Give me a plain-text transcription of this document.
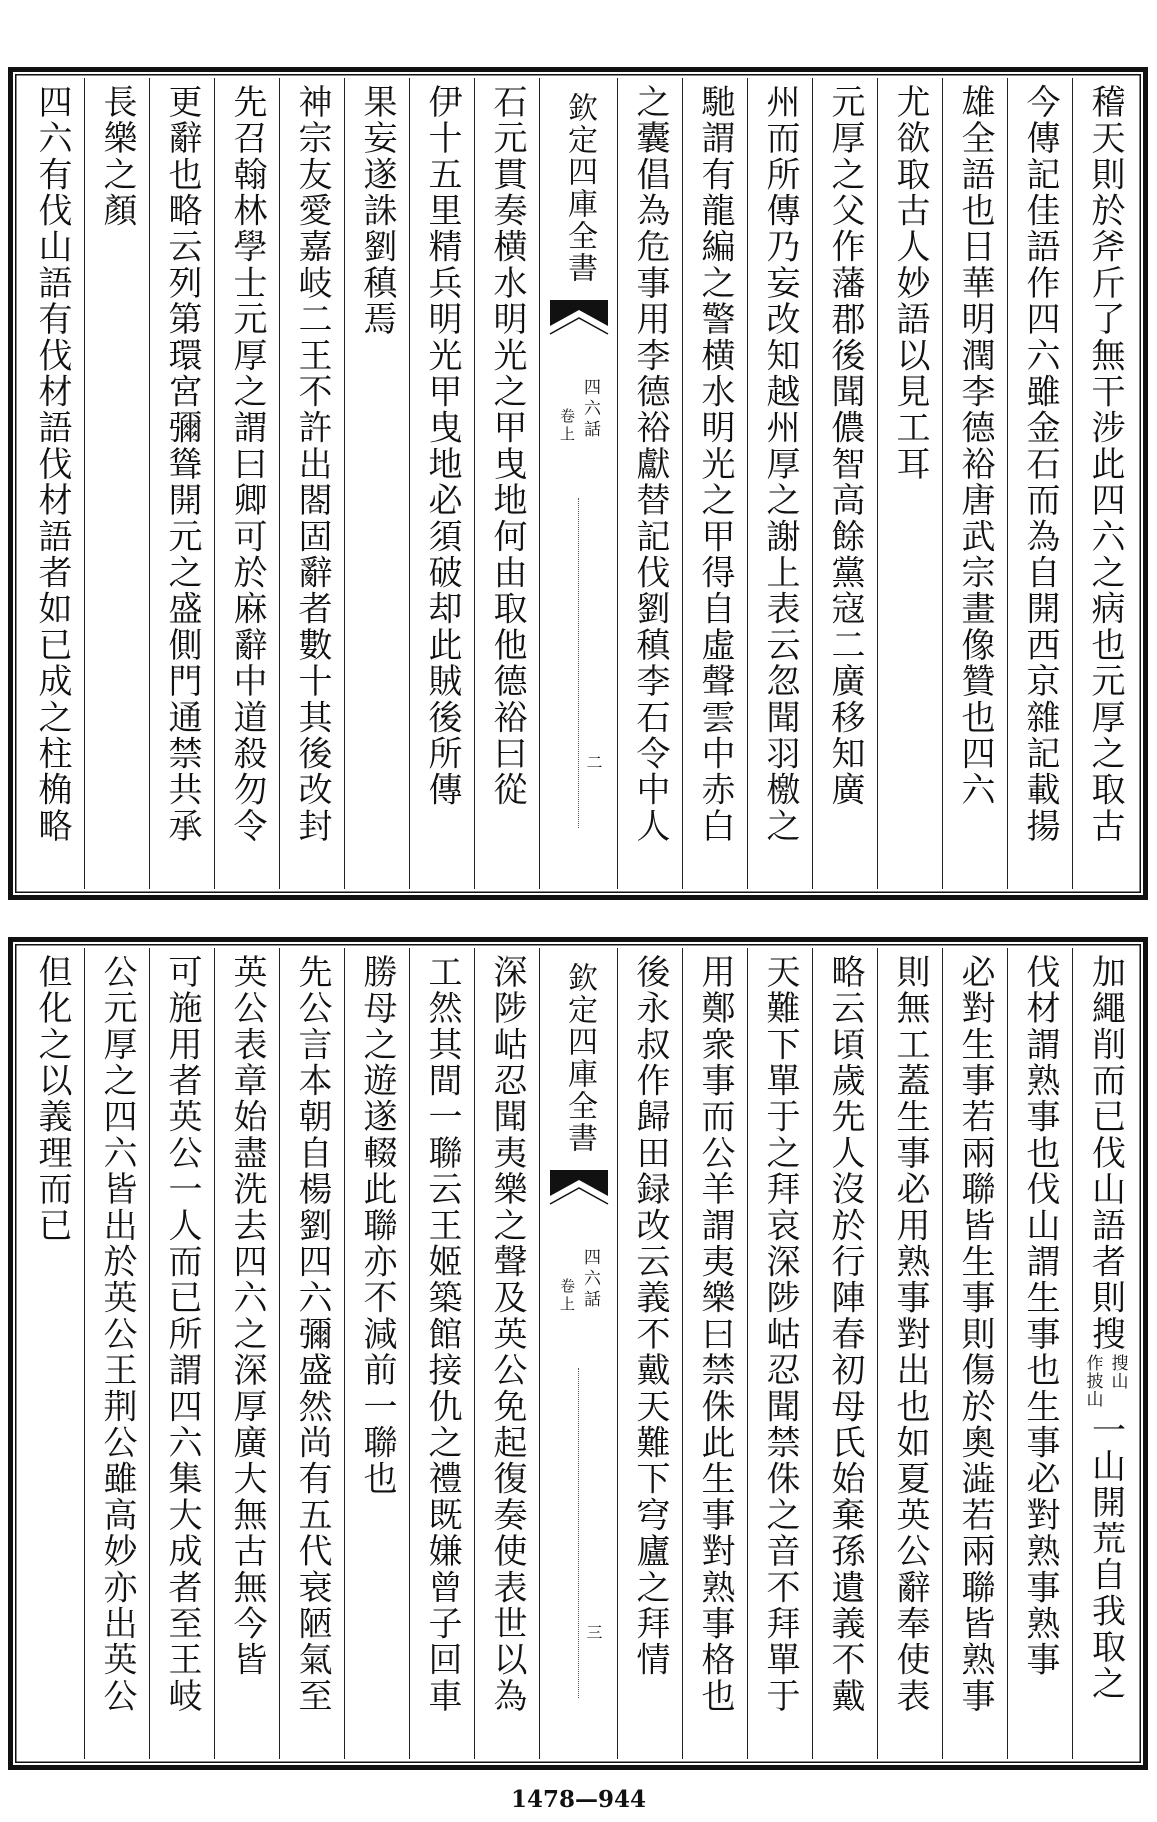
稽天則於斧斤了無干涉此四六之病也元厚之取古
今傳記佳語作四六雖金石而為自開西京雜記載揚
雄全語也日華明潤李德裕唐武宗畫像贊也四六
尤欲取古人妙語以見工耳
元厚之父作藩郡後聞儂智高餘黨寇二廣移知廣
州而所傳乃妄改知越州厚之謝上表云忽聞羽檄之
馳謂有龍編之警横水明光之甲得自虛聲雲中赤白
之囊倡為危事用李德裕獻替記伐劉稹李石令中人
欽定四庫全書
四六話
卷上
二
石元貫奏横水明光之甲曳地何由取他德裕曰從
伊十五里精兵明光甲曳地必須破却此賊後所傳
果妄遂誅劉稹焉
神宗友愛嘉岐二王不許出閤固辭者數十其後改封
先召翰林學士元厚之謂曰卿可於麻辭中道殺勿令
更辭也略云列第環宮彌聳開元之盛側門通禁共承
長樂之顏
四六有伐山語有伐材語伐材語者如已成之柱桷略
加繩削而已伐山語者則搜
搜山
作披山
一山開荒自我取之
伐材謂熟事也伐山謂生事也生事必對熟事熟事
必對生事若兩聯皆生事則傷於奧澁若兩聯皆熟事
則無工蓋生事必用熟事對出也如夏英公辭奉使表
略云頃歲先人沒於行陣春初母氏始棄孫遺義不戴
天難下單于之拜哀深陟岵忍聞禁侏之音不拜單于
用鄭衆事而公羊謂夷樂曰禁侏此生事對熟事格也
後永叔作歸田録改云義不戴天難下穹廬之拜情
欽定四庫全書
四六話
卷上
三
深陟岵忍聞夷樂之聲及英公免起復奏使表世以為
工然其間一聯云王姬築館接仇之禮既嫌曾子回車
勝母之遊遂輟此聯亦不減前一聯也
先公言本朝自楊劉四六彌盛然尚有五代衰陋氣至
英公表章始盡洗去四六之深厚廣大無古無今皆
可施用者英公一人而已所謂四六集大成者至王岐
公元厚之四六皆出於英公王荆公雖高妙亦出英公
但化之以義理而已
1478—944
